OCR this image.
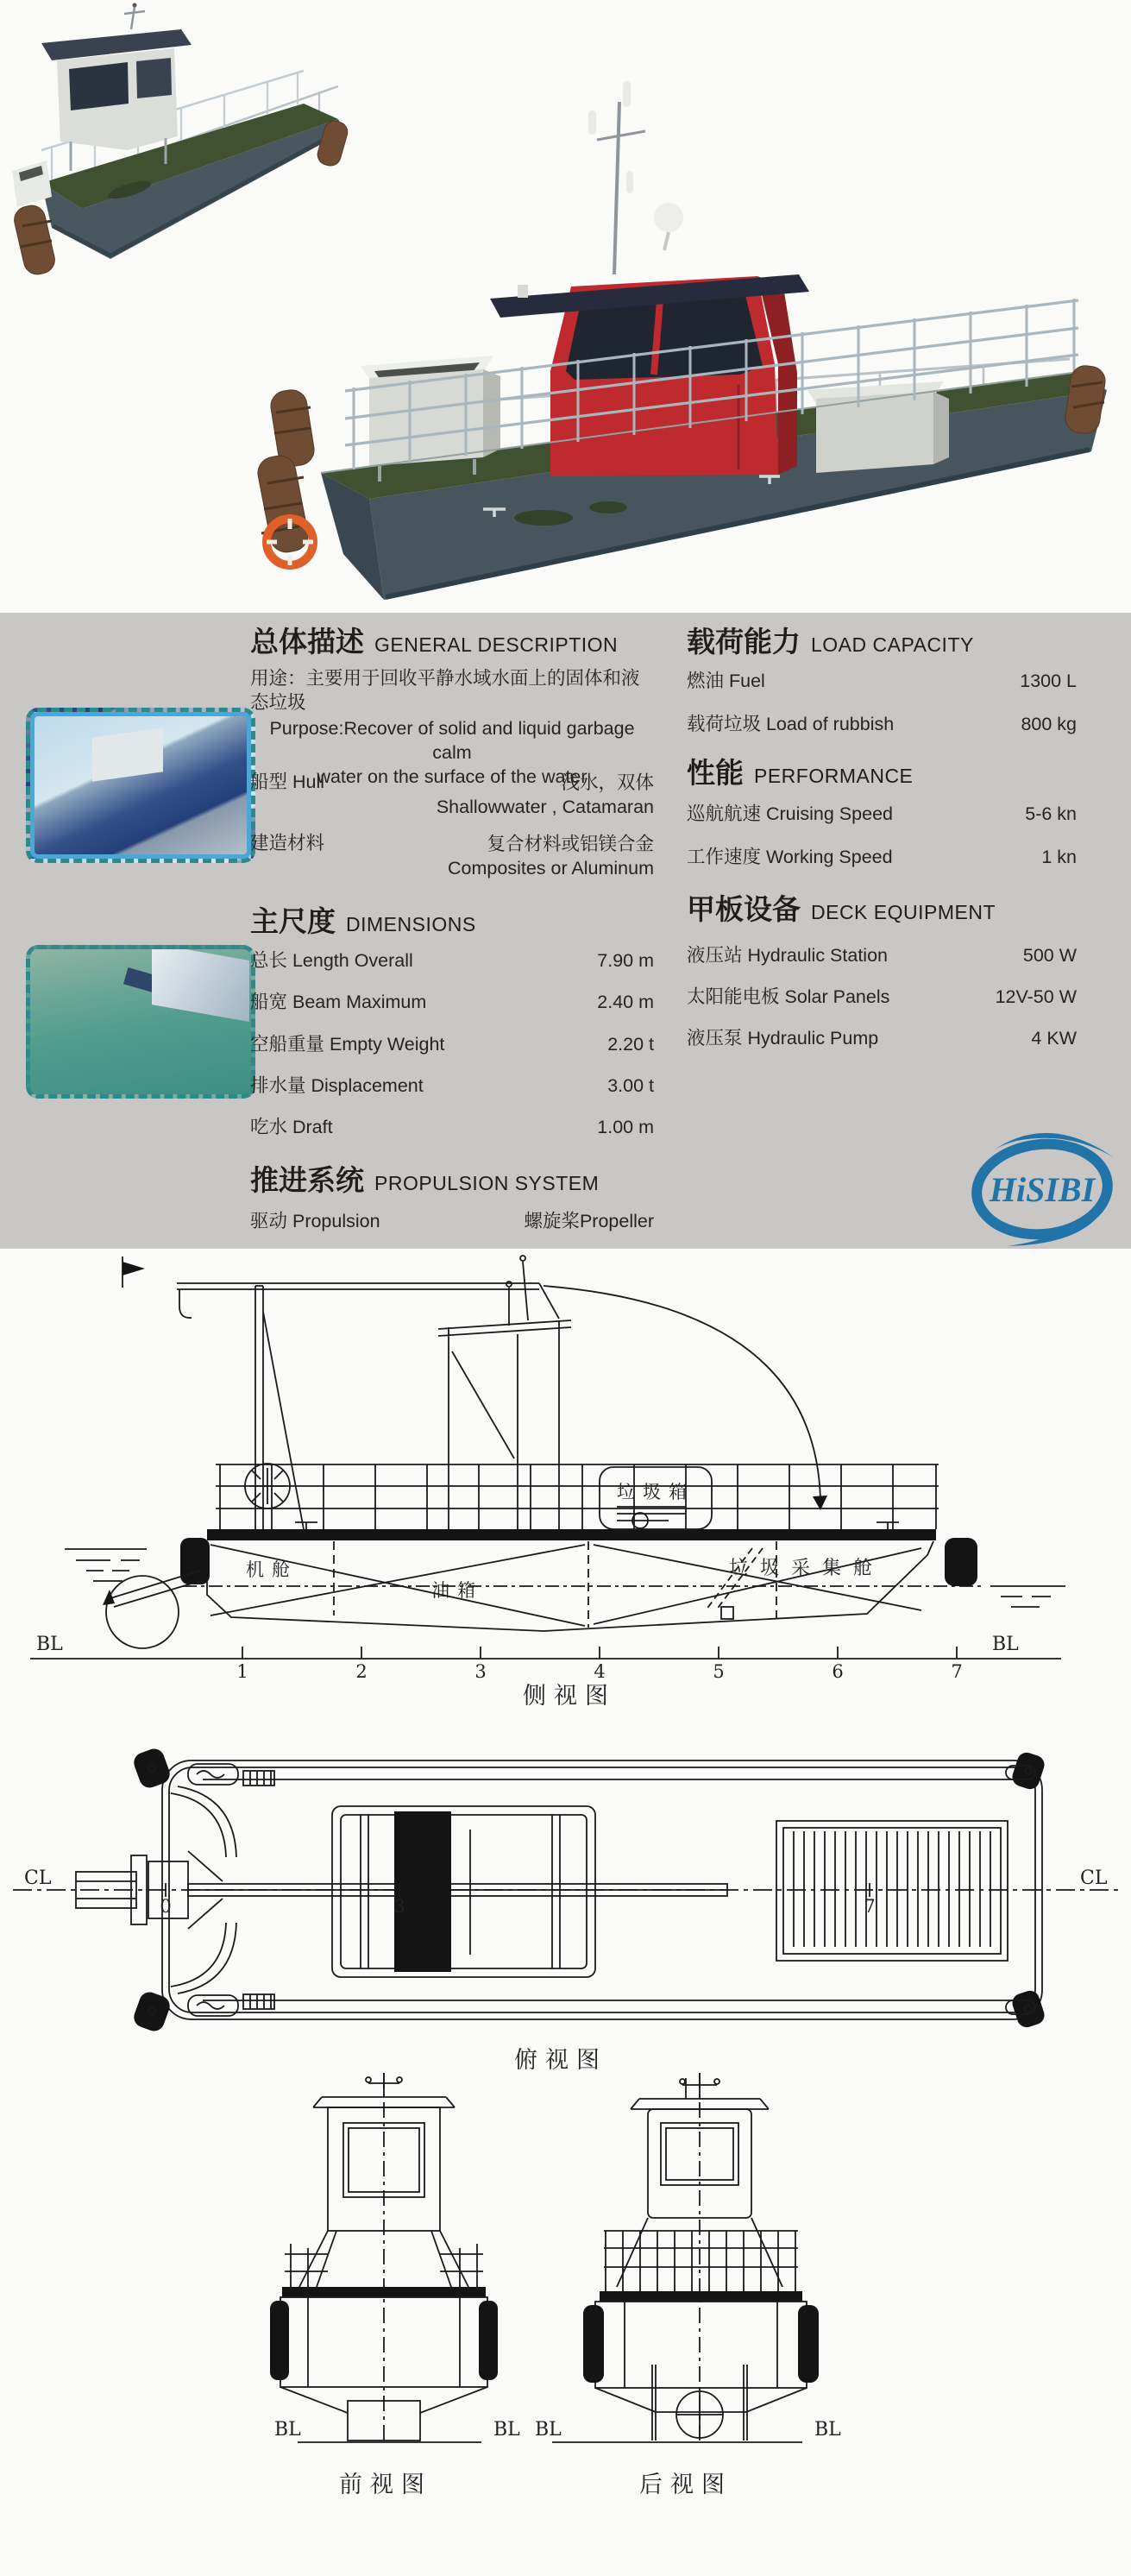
总体描述 GENERAL DESCRIPTION
用途：主要用于回收平静水域水面上的固体和液态垃圾
Purpose:Recover of solid and liquid garbage calm
water on the surface of the water
船型 Hull	浅水，双体
Shallowwater , Catamaran
建造材料	复合材料或铝镁合金
Composites or Aluminum
主尺度 DIMENSIONS
总长 Length Overall	7.90 m
船宽 Beam Maximum	2.40 m
空船重量 Empty Weight	2.20 t
排水量 Displacement	3.00 t
吃水 Draft	1.00 m
推进系统 PROPULSION SYSTEM
驱动 Propulsion	螺旋桨Propeller
载荷能力 LOAD CAPACITY
燃油 Fuel	1300 L
载荷垃圾 Load of rubbish	800 kg
性能 PERFORMANCE
巡航航速 Cruising Speed	5-6 kn
工作速度 Working Speed	1 kn
甲板设备 DECK EQUIPMENT
液压站 Hydraulic Station	500 W
太阳能电板 Solar Panels	12V-50 W
液压泵 Hydraulic Pump	4 KW
HiSIBI
垃圾箱
机舱
油箱
垃圾采集舱
BL	BL
1	2	3	4	5	6	7
侧视图
CL	CL
0	3	7
俯视图
BL	BL
前视图
BL	BL
后视图
